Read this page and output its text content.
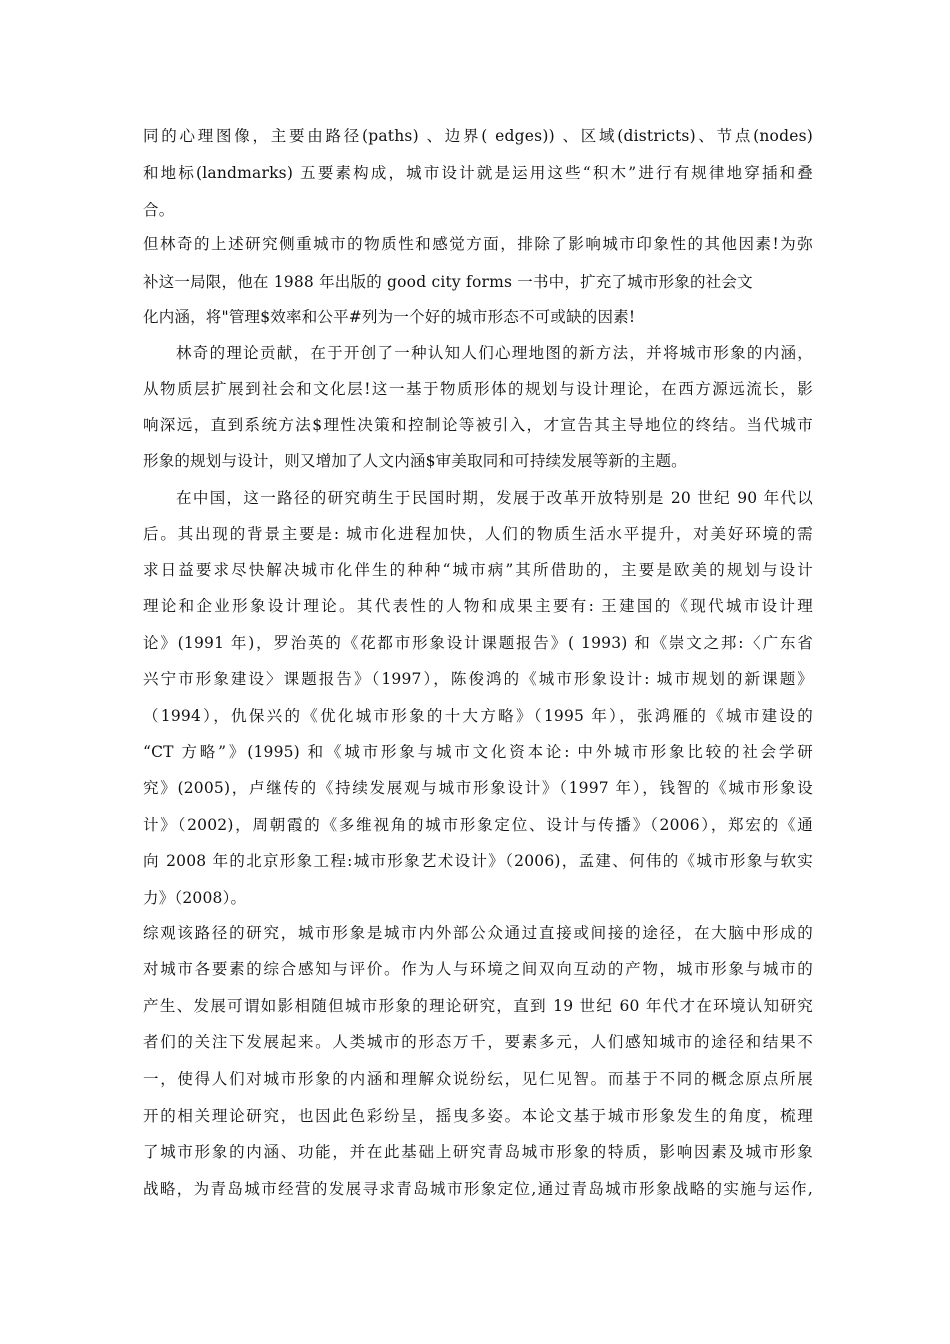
同的心理图像，主要由路径(paths) 、边界( edges)) 、区域(districts)、节点(nodes)
和地标(landmarks) 五要素构成，城市设计就是运用这些“积木”进行有规律地穿插和叠
合。
但林奇的上述研究侧重城市的物质性和感觉方面，排除了影响城市印象性的其他因素!为弥
补这一局限，他在 1988 年出版的 good city forms 一书中，扩充了城市形象的社会文
化内涵，将"管理$效率和公平#列为一个好的城市形态不可或缺的因素!
林奇的理论贡献，在于开创了一种认知人们心理地图的新方法，并将城市形象的内涵，
从物质层扩展到社会和文化层!这一基于物质形体的规划与设计理论，在西方源远流长，影
响深远，直到系统方法$理性决策和控制论等被引入，才宣告其主导地位的终结。当代城市
形象的规划与设计，则又增加了人文内涵$审美取同和可持续发展等新的主题。
在中国，这一路径的研究萌生于民国时期，发展于改革开放特别是 20 世纪 90 年代以
后。其出现的背景主要是: 城市化进程加快，人们的物质生活水平提升，对美好环境的需
求日益要求尽快解决城市化伴生的种种“城市病”其所借助的，主要是欧美的规划与设计
理论和企业形象设计理论。其代表性的人物和成果主要有: 王建国的《现代城市设计理
论》(1991 年)，罗治英的《花都市形象设计课题报告》( 1993) 和《崇文之邦:〈广东省
兴宁市形象建设〉课题报告》（1997），陈俊鸿的《城市形象设计: 城市规划的新课题》
（1994），仇保兴的《优化城市形象的十大方略》（1995 年），张鸿雁的《城市建设的
“CT 方略”》(1995) 和《城市形象与城市文化资本论: 中外城市形象比较的社会学研
究》(2005)，卢继传的《持续发展观与城市形象设计》（1997 年），钱智的《城市形象设
计》（2002)，周朝霞的《多维视角的城市形象定位、设计与传播》（2006），郑宏的《通
向 2008 年的北京形象工程:城市形象艺术设计》（2006)，孟建、何伟的《城市形象与软实
力》（2008）。
综观该路径的研究，城市形象是城市内外部公众通过直接或间接的途径，在大脑中形成的
对城市各要素的综合感知与评价。作为人与环境之间双向互动的产物，城市形象与城市的
产生、发展可谓如影相随但城市形象的理论研究，直到 19 世纪 60 年代才在环境认知研究
者们的关注下发展起来。人类城市的形态万千，要素多元，人们感知城市的途径和结果不
一，使得人们对城市形象的内涵和理解众说纷纭，见仁见智。而基于不同的概念原点所展
开的相关理论研究，也因此色彩纷呈，摇曳多姿。本论文基于城市形象发生的角度，梳理
了城市形象的内涵、功能，并在此基础上研究青岛城市形象的特质，影响因素及城市形象
战略，为青岛城市经营的发展寻求青岛城市形象定位,通过青岛城市形象战略的实施与运作,
